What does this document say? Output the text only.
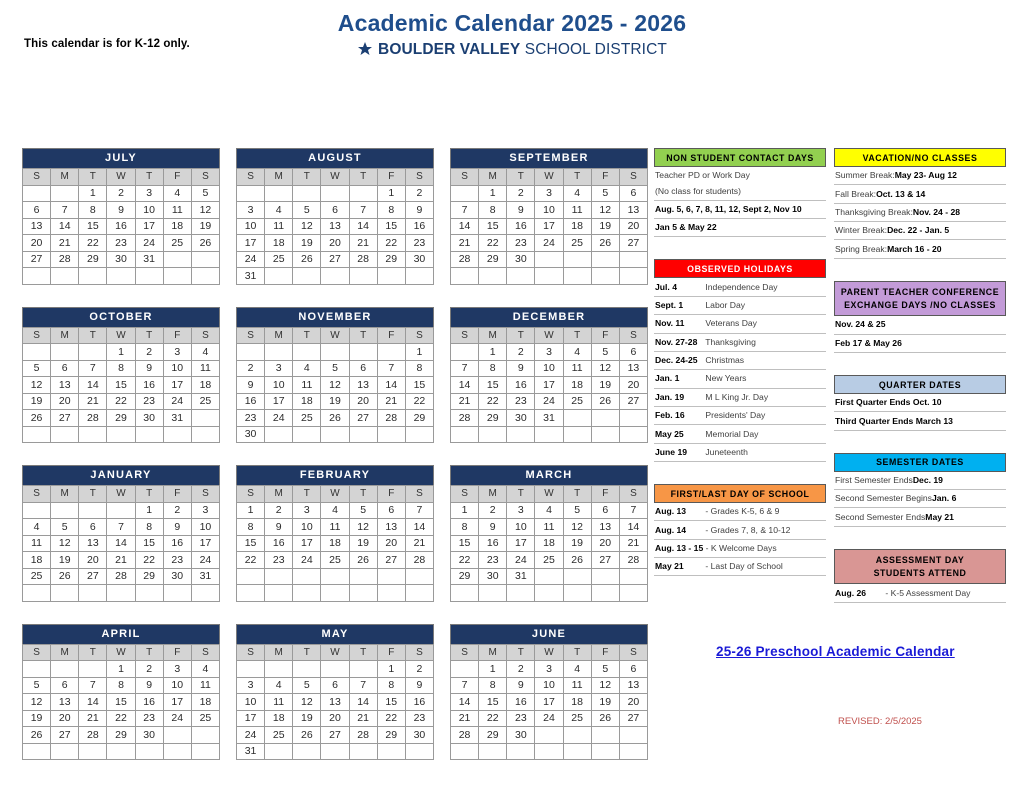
This calendar is for K-12 only.
Academic Calendar 2025 - 2026
BOULDER VALLEY SCHOOL DISTRICT
JULY
S	M	T	W	T	F	S
		1	2	3	4	5
6	7	8	9	10	11	12
13	14	15	16	17	18	19
20	21	22	23	24	25	26
27	28	29	30	31		

AUGUST
S	M	T	W	T	F	S
					1	2
3	4	5	6	7	8	9
10	11	12	13	14	15	16
17	18	19	20	21	22	23
24	25	26	27	28	29	30
31						
SEPTEMBER
S	M	T	W	T	F	S
	1	2	3	4	5	6
7	8	9	10	11	12	13
14	15	16	17	18	19	20
21	22	23	24	25	26	27
28	29	30				

OCTOBER
S	M	T	W	T	F	S
			1	2	3	4
5	6	7	8	9	10	11
12	13	14	15	16	17	18
19	20	21	22	23	24	25
26	27	28	29	30	31	

NOVEMBER
S	M	T	W	T	F	S
						1
2	3	4	5	6	7	8
9	10	11	12	13	14	15
16	17	18	19	20	21	22
23	24	25	26	27	28	29
30						
DECEMBER
S	M	T	W	T	F	S
	1	2	3	4	5	6
7	8	9	10	11	12	13
14	15	16	17	18	19	20
21	22	23	24	25	26	27
28	29	30	31			

JANUARY
S	M	T	W	T	F	S
				1	2	3
4	5	6	7	8	9	10
11	12	13	14	15	16	17
18	19	20	21	22	23	24
25	26	27	28	29	30	31

FEBRUARY
S	M	T	W	T	F	S
1	2	3	4	5	6	7
8	9	10	11	12	13	14
15	16	17	18	19	20	21
22	23	24	25	26	27	28

MARCH
S	M	T	W	T	F	S
1	2	3	4	5	6	7
8	9	10	11	12	13	14
15	16	17	18	19	20	21
22	23	24	25	26	27	28
29	30	31				

APRIL
S	M	T	W	T	F	S
			1	2	3	4
5	6	7	8	9	10	11
12	13	14	15	16	17	18
19	20	21	22	23	24	25
26	27	28	29	30		

MAY
S	M	T	W	T	F	S
					1	2
3	4	5	6	7	8	9
10	11	12	13	14	15	16
17	18	19	20	21	22	23
24	25	26	27	28	29	30
31						
JUNE
S	M	T	W	T	F	S
	1	2	3	4	5	6
7	8	9	10	11	12	13
14	15	16	17	18	19	20
21	22	23	24	25	26	27
28	29	30				

NON STUDENT CONTACT DAYS
Teacher PD or Work Day
(No class for students)
Aug. 5, 6, 7, 8, 11, 12, Sept 2, Nov 10
Jan 5 & May 22
OBSERVED HOLIDAYS
Jul. 4	Independence Day
Sept. 1 Labor Day
Nov. 11 Veterans Day
Nov. 27-28 Thanksgiving
Dec. 24-25 Christmas
Jan. 1	New Years
Jan. 19 M L King Jr. Day
Feb. 16 Presidents' Day
May 25 Memorial Day
June 19 Juneteenth
FIRST/LAST DAY OF SCHOOL
Aug. 13 - Grades K-5, 6 & 9
Aug. 14 - Grades 7, 8, & 10-12
Aug. 13 - 15 - K Welcome Days
May 21 - Last Day of School
VACATION/NO CLASSES
Summer Break:May 23- Aug 12
Fall Break:Oct. 13 & 14
Thanksgiving Break:Nov. 24 - 28
Winter Break:Dec. 22 - Jan. 5
Spring Break:March 16 - 20
PARENT TEACHER CONFERENCE
EXCHANGE DAYS /NO CLASSES
Nov. 24 & 25
Feb 17 & May 26
QUARTER DATES
First Quarter Ends Oct. 10
Third Quarter Ends March 13
SEMESTER DATES
First Semester EndsDec. 19
Second Semester BeginsJan. 6
Second Semester EndsMay 21
ASSESSMENT DAY
STUDENTS ATTEND
Aug. 26 - K-5 Assessment Day
25-26 Preschool Academic Calendar
REVISED: 2/5/2025
